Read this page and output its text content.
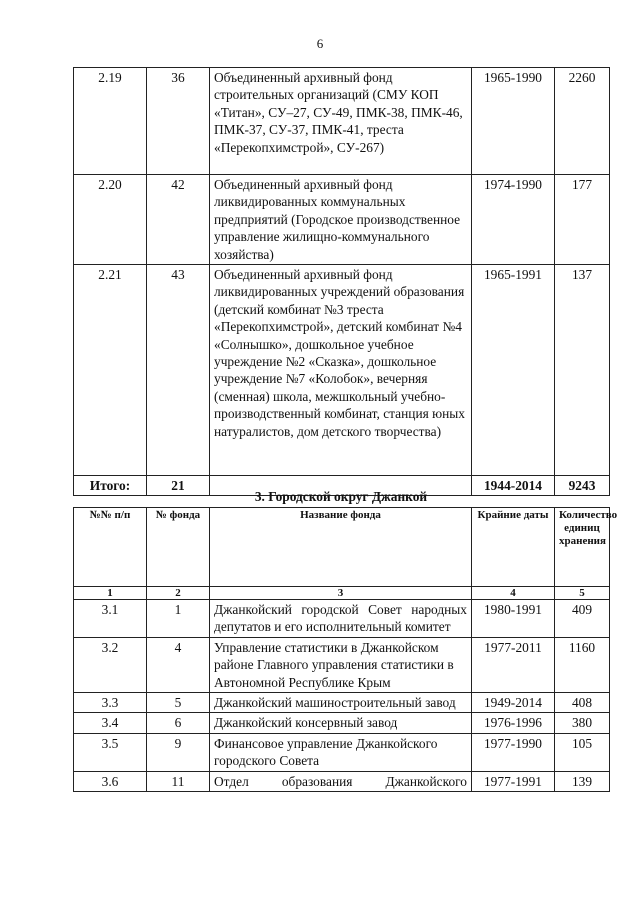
6
2.19	36	Объединенный архивный фонд строительных организаций (СМУ КОП «Титан», СУ–27, СУ-49, ПМК-38, ПМК-46, ПМК-37, СУ-37, ПМК-41, треста «Перекопхимстрой», СУ-267)	1965-1990	2260
2.20	42	Объединенный архивный фонд ликвидированных коммунальных предприятий (Городское производственное управление жилищно-коммунального хозяйства)	1974-1990	177
2.21	43	Объединенный архивный фонд ликвидированных учреждений образования (детский комбинат №3 треста «Перекопхимстрой», детский комбинат №4 «Солнышко», дошкольное учебное учреждение №2 «Сказка», дошкольное учреждение №7 «Колобок», вечерняя (сменная) школа, межшкольный учебно-производственный комбинат, станция юных натуралистов, дом детского творчества)	1965-1991	137
Итого:	21		1944-2014	9243
3. Городской округ Джанкой
№№ п/п	№ фонда	Название фонда	Крайние даты	Количество единиц хранения
1	2	3	4	5
3.1	1	Джанкойский городской Совет народных депутатов и его исполнительный комитет	1980-1991	409
3.2	4	Управление статистики в Джанкойском районе Главного управления статистики в Автономной Республике Крым	1977-2011	1160
3.3	5	Джанкойский машиностроительный завод	1949-2014	408
3.4	6	Джанкойский консервный завод	1976-1996	380
3.5	9	Финансовое управление Джанкойского городского Совета	1977-1990	105
3.6	11	Отдел образования Джанкойского	1977-1991	139
